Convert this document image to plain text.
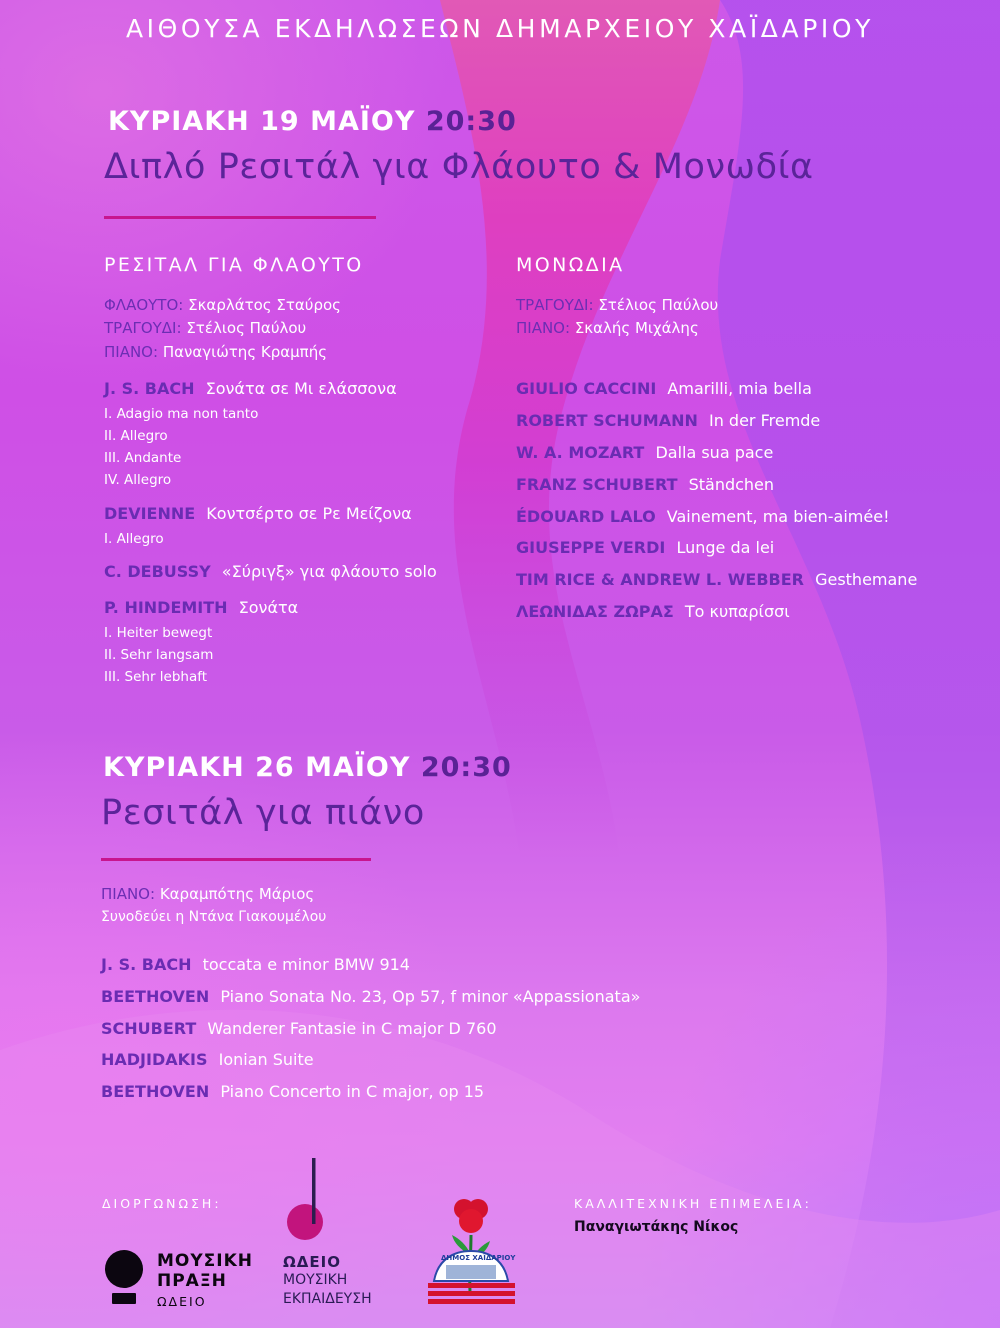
ΑΙΘΟΥΣΑ ΕΚΔΗΛΩΣΕΩΝ ΔΗΜΑΡΧΕΙΟΥ ΧΑΪΔΑΡΙΟΥ
ΚΥΡΙΑΚΗ 19 ΜΑΪΟΥ 20:30
Διπλό Ρεσιτάλ για Φλάουτο & Μονωδία
ΡΕΣΙΤΑΛ ΓΙΑ ΦΛΑΟΥΤΟ
ΦΛΑΟΥΤΟ: Σκαρλάτος Σταύρος
ΤΡΑΓΟΥΔΙ: Στέλιος Παύλου
ΠΙΑΝΟ: Παναγιώτης Κραμπής
J. S. BACH Σονάτα σε Μι ελάσσονα
I. Adagio ma non tanto
II. Allegro
III. Andante
IV. Allegro
DEVIENNE Κοντσέρτο σε Ρε Μείζονα
I. Allegro
C. DEBUSSY «Σύριγξ» για φλάουτο solo
P. HINDEMITH Σονάτα
I. Heiter bewegt
II. Sehr langsam
III. Sehr lebhaft
ΜΟΝΩΔΙΑ
ΤΡΑΓΟΥΔΙ: Στέλιος Παύλου
ΠΙΑΝΟ: Σκαλής Μιχάλης
GIULIO CACCINI Amarilli, mia bella
ROBERT SCHUMANN In der Fremde
W. A. MOZART Dalla sua pace
FRANZ SCHUBERT Ständchen
ÉDOUARD LALO Vainement, ma bien-aimée!
GIUSEPPE VERDI Lunge da lei
TIM RICE & ANDREW L. WEBBER Gesthemane
ΛΕΩΝΙΔΑΣ ΖΩΡΑΣ Το κυπαρίσσι
ΚΥΡΙΑΚΗ 26 ΜΑΪΟΥ 20:30
Ρεσιτάλ για πιάνο
ΠΙΑΝΟ: Καραμπότης Μάριος
Συνοδεύει η Ντάνα Γιακουμέλου
J. S. BACH toccata e minor BMW 914
BEETHOVEN Piano Sonata No. 23, Op 57, f minor «Appassionata»
SCHUBERT Wanderer Fantasie in C major D 760
HADJIDAKIS Ionian Suite
BEETHOVEN Piano Concerto in C major, op 15
ΔΙΟΡΓΩΝΩΣΗ:
ΜΟΥΣΙΚΗ
ΠΡΑΞΗ
ΩΔΕΙΟ
ΩΔΕΙΟ
ΜΟΥΣΙΚΗ
ΕΚΠΑΙΔΕΥΣΗ
ΔΗΜΟΣ ΧΑΪΔΑΡΙΟΥ
ΚΑΛΛΙΤΕΧΝΙΚΗ ΕΠΙΜΕΛΕΙΑ:
Παναγιωτάκης Νίκος
